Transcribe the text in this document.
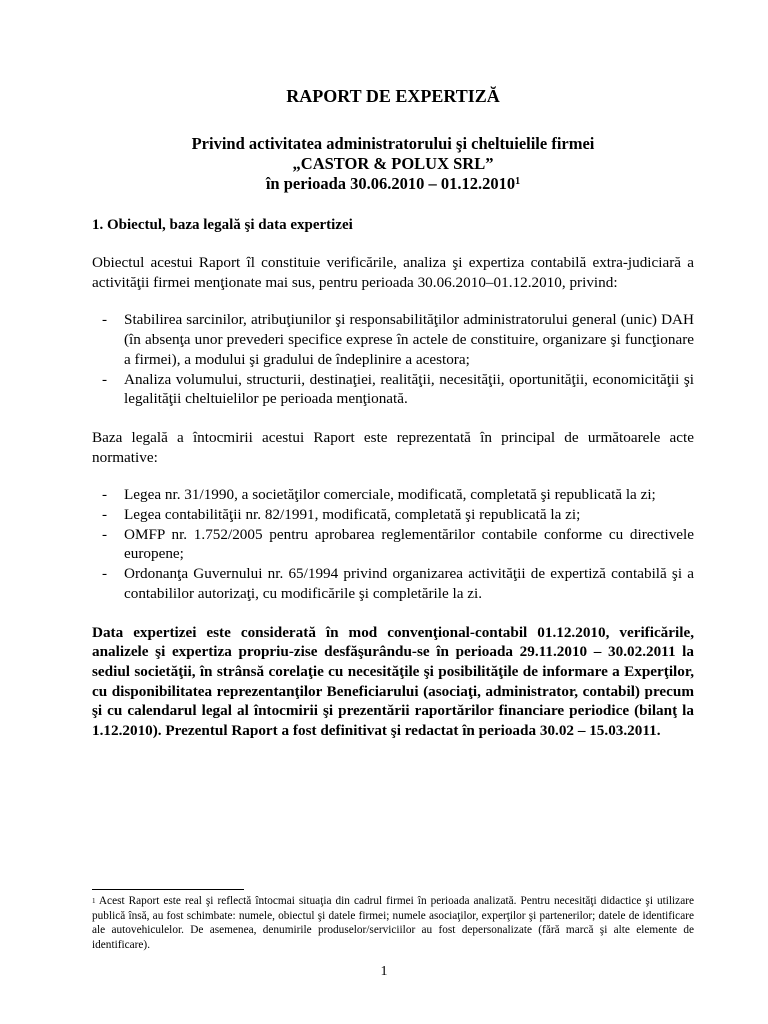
RAPORT DE EXPERTIZĂ
Privind activitatea administratorului şi cheltuielile firmei
„CASTOR & POLUX SRL”
în perioada 30.06.2010 – 01.12.2010$^1$
1. Obiectul, baza legală şi data expertizei

Obiectul acestui Raport îl constituie verificările, analiza şi expertiza contabilă extra-judiciară a activităţii firmei menţionate mai sus, pentru perioada 30.06.2010–01.12.2010, privind:

- Stabilirea sarcinilor, atribuţiunilor şi responsabilităţilor administratorului general (unic) DAH (în absenţa unor prevederi specifice exprese în actele de constituire, organizare şi funcţionare a firmei), a modului şi gradului de îndeplinire a acestora;
- Analiza volumului, structurii, destinaţiei, realităţii, necesităţii, oportunităţii, economicităţii şi legalităţii cheltuielilor pe perioada menţionată.

Baza legală a întocmirii acestui Raport este reprezentată în principal de următoarele acte normative:

- Legea nr. 31/1990, a societăţilor comerciale, modificată, completată şi republicată la zi;
- Legea contabilităţii nr. 82/1991, modificată, completată şi republicată la zi;
- OMFP nr. 1.752/2005 pentru aprobarea reglementărilor contabile conforme cu directivele europene;
- Ordonanţa Guvernului nr. 65/1994 privind organizarea activităţii de expertiză contabilă şi a contabililor autorizaţi, cu modificările şi completările la zi.

Data expertizei este considerată în mod convenţional-contabil 01.12.2010, verificările, analizele şi expertiza propriu-zise desfăşurându-se în perioada 29.11.2010 – 30.02.2011 la sediul societăţii, în strânsă corelaţie cu necesităţile şi posibilităţile de informare a Experţilor, cu disponibilitatea reprezentanţilor Beneficiarului (asociaţi, administrator, contabil) precum şi cu calendarul legal al întocmirii şi prezentării raportărilor financiare periodice (bilanţ la 1.12.2010). Prezentul Raport a fost definitivat şi redactat în perioada 30.02 – 15.03.2011.

$^1$ Acest Raport este real şi reflectă întocmai situaţia din cadrul firmei în perioada analizată. Pentru necesităţi didactice şi utilizare publică însă, au fost schimbate: numele, obiectul şi datele firmei; numele asociaţilor, experţilor şi partenerilor; datele de identificare ale autovehiculelor. De asemenea, denumirile produselor/serviciilor au fost depersonalizate (fără marcă şi alte elemente de identificare).
1
